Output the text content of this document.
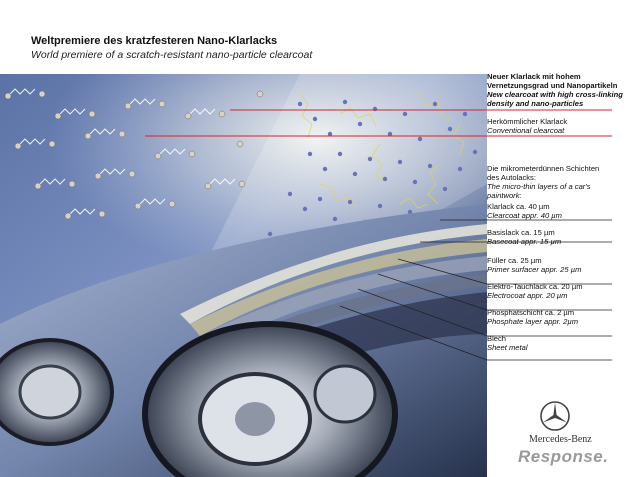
Weltpremiere des kratzfesteren Nano-Klarlacks
World premiere of a scratch-resistant nano-particle clearcoat
Neuer Klarlack mit hohem
Vernetzungsgrad und Nanopartikeln
New clearcoat with high cross-linking
density and nano-particles
Herkömmlicher Klarlack
Conventional clearcoat
Die mikrometerdünnen Schichten
des Autolacks:
The micro-thin layers of a car's
paintwork:
Klarlack ca. 40 µm
Clearcoat appr. 40 µm
Basislack ca. 15 µm
Basecoat appr. 15 µm
Füller ca. 25 µm
Primer surfacer appr. 25 µm
Elektro-Tauchlack ca. 20 µm
Electrocoat appr. 20 µm
Phosphatschicht ca. 2 µm
Phosphate layer appr. 2µm
Blech
Sheet metal
Mercedes-Benz
Response.
